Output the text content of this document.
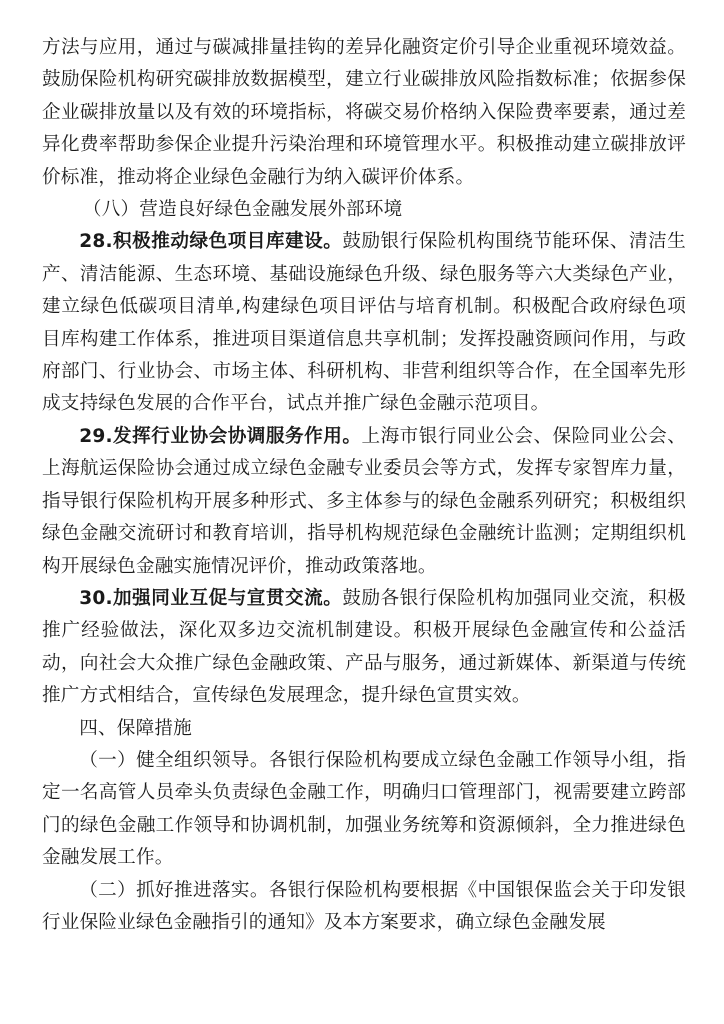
方法与应用，通过与碳减排量挂钩的差异化融资定价引导企业重视环境效益。鼓励保险机构研究碳排放数据模型，建立行业碳排放风险指数标准；依据参保企业碳排放量以及有效的环境指标，将碳交易价格纳入保险费率要素，通过差异化费率帮助参保企业提升污染治理和环境管理水平。积极推动建立碳排放评价标准，推动将企业绿色金融行为纳入碳评价体系。

（八）营造良好绿色金融发展外部环境

28.积极推动绿色项目库建设。鼓励银行保险机构围绕节能环保、清洁生产、清洁能源、生态环境、基础设施绿色升级、绿色服务等六大类绿色产业，建立绿色低碳项目清单,构建绿色项目评估与培育机制。积极配合政府绿色项目库构建工作体系，推进项目渠道信息共享机制；发挥投融资顾问作用，与政府部门、行业协会、市场主体、科研机构、非营利组织等合作，在全国率先形成支持绿色发展的合作平台，试点并推广绿色金融示范项目。

29.发挥行业协会协调服务作用。上海市银行同业公会、保险同业公会、上海航运保险协会通过成立绿色金融专业委员会等方式，发挥专家智库力量，指导银行保险机构开展多种形式、多主体参与的绿色金融系列研究；积极组织绿色金融交流研讨和教育培训，指导机构规范绿色金融统计监测；定期组织机构开展绿色金融实施情况评价，推动政策落地。

30.加强同业互促与宣贯交流。鼓励各银行保险机构加强同业交流，积极推广经验做法，深化双多边交流机制建设。积极开展绿色金融宣传和公益活动，向社会大众推广绿色金融政策、产品与服务，通过新媒体、新渠道与传统推广方式相结合，宣传绿色发展理念，提升绿色宣贯实效。

四、保障措施

（一）健全组织领导。各银行保险机构要成立绿色金融工作领导小组，指定一名高管人员牵头负责绿色金融工作，明确归口管理部门，视需要建立跨部门的绿色金融工作领导和协调机制，加强业务统筹和资源倾斜，全力推进绿色金融发展工作。

（二）抓好推进落实。各银行保险机构要根据《中国银保监会关于印发银行业保险业绿色金融指引的通知》及本方案要求，确立绿色金融发展
